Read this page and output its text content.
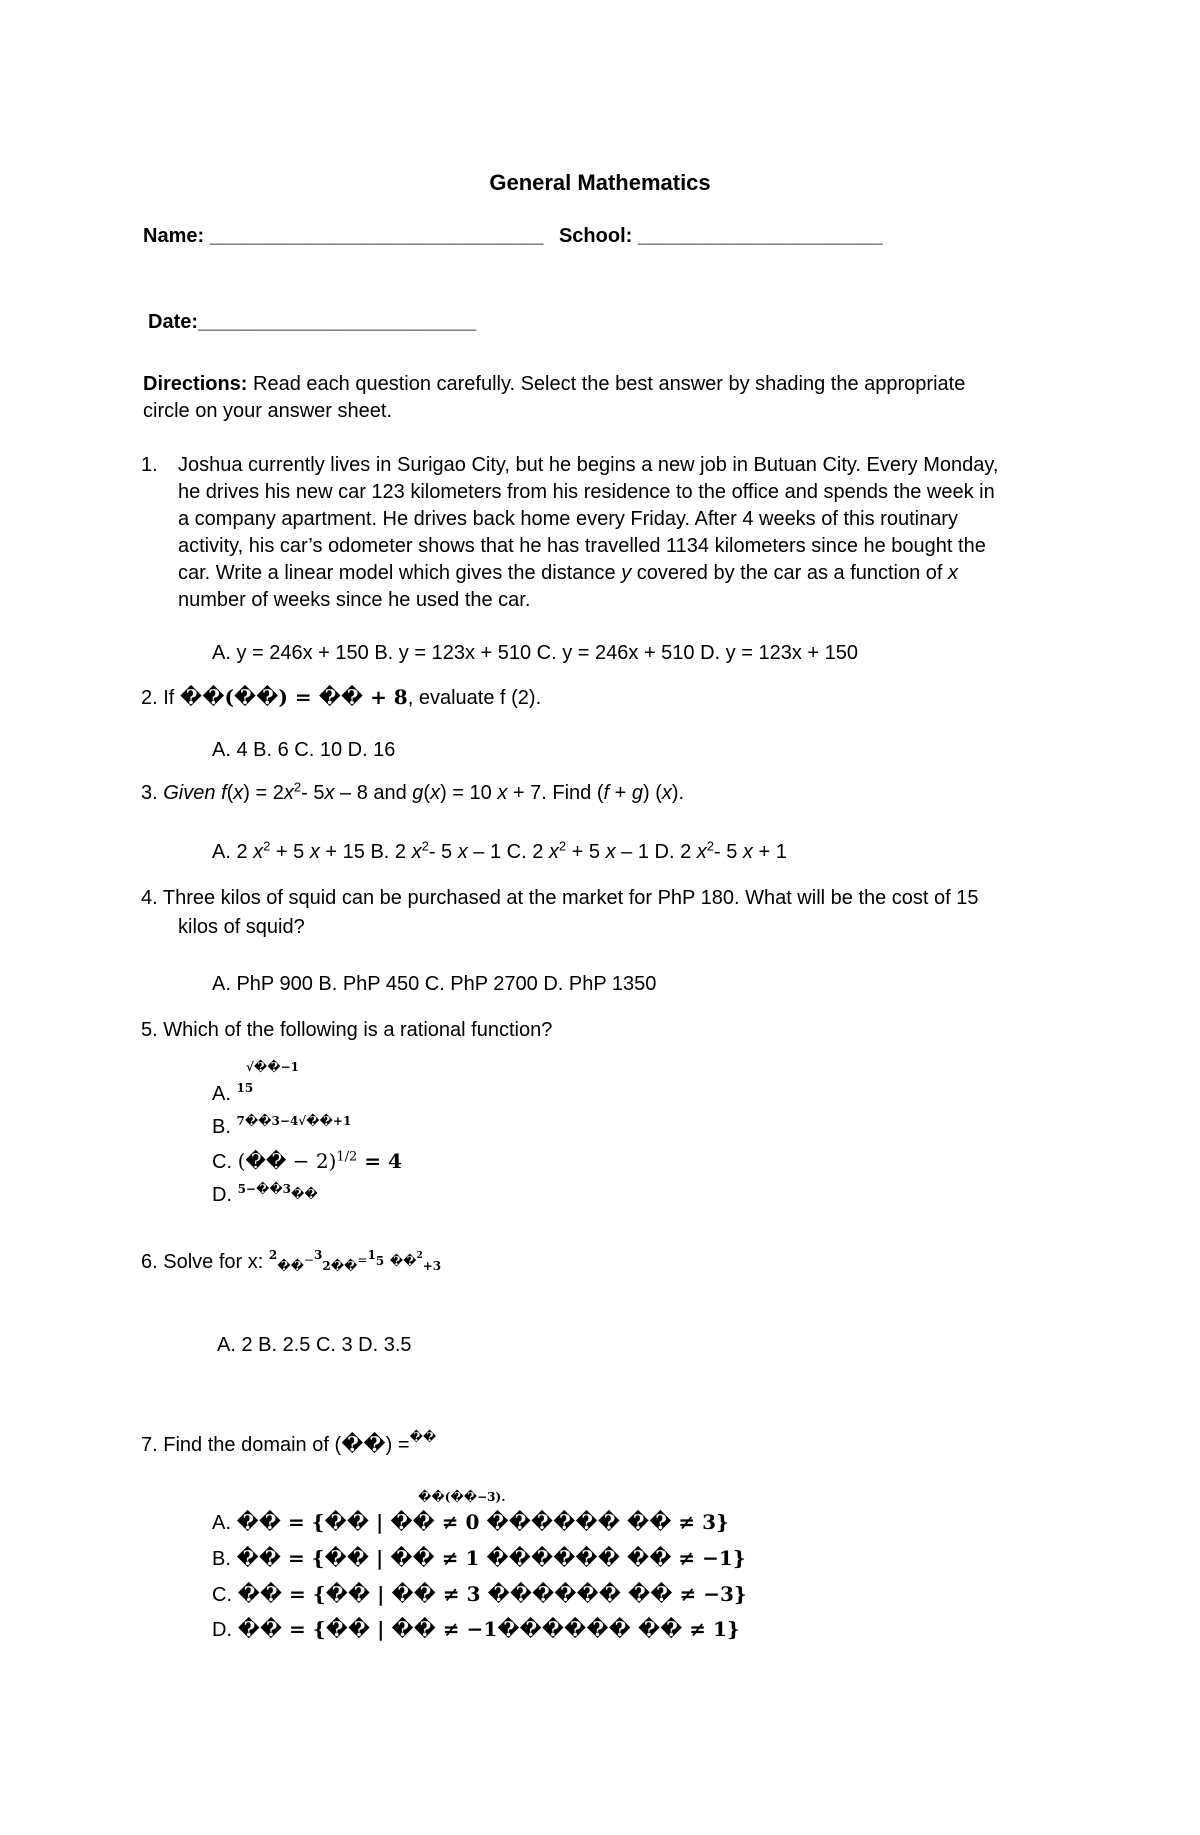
General Mathematics
Name: ______________________________ School: ______________________
Date:_________________________
Directions: Read each question carefully. Select the best answer by shading the appropriate
circle on your answer sheet.
1. Joshua currently lives in Surigao City, but he begins a new job in Butuan City. Every Monday,

he drives his new car 123 kilometers from his residence to the office and spends the week in

a company apartment. He drives back home every Friday. After 4 weeks of this routinary

activity, his car’s odometer shows that he has travelled 1134 kilometers since he bought the

car. Write a linear model which gives the distance y covered by the car as a function of x

number of weeks since he used the car.

A. y = 246x + 150 B. y = 123x + 510 C. y = 246x + 510 D. y = 123x + 150
2. If ��(��) = �� + 8, evaluate f (2).
A. 4 B. 6 C. 10 D. 16
3. Given $f(x) = 2x^2-$ 5x – 8 and g(x) = 10 x + 7. Find (f + g) (x).
A. 2 $x^2 + 5$ x + 15 B. 2 $x^2-$ 5 x – 1 C. 2 $x^2 + 5$ x – 1 D. 2 $x^2-$ 5 x + 1
4. Three kilos of squid can be purchased at the market for PhP 180. What will be the cost of 15
kilos of squid?
A. PhP 900 B. PhP 450 C. PhP 2700 D. PhP 1350
5. Which of the following is a rational function?
√��−1
A. $^{15}$
B. $^{7��3-4√��+1}$
C. (�� − 2)$^{1/2}$ = 4
D. $^{5-��3}$��
6. Solve for x: $^2$��$^{-3}$2��$^{=1}$5 ��$^2$+3
A. 2 B. 2.5 C. 3 D. 3.5
7. Find the domain of (��) =��
��(��−3).
A. �� = {�� | �� ≠ 0 ������ �� ≠ 3}
B. �� = {�� | �� ≠ 1 ������ �� ≠ −1}
C. �� = {�� | �� ≠ 3 ������ �� ≠ −3}
D. �� = {�� | �� ≠ −1������ �� ≠ 1}
